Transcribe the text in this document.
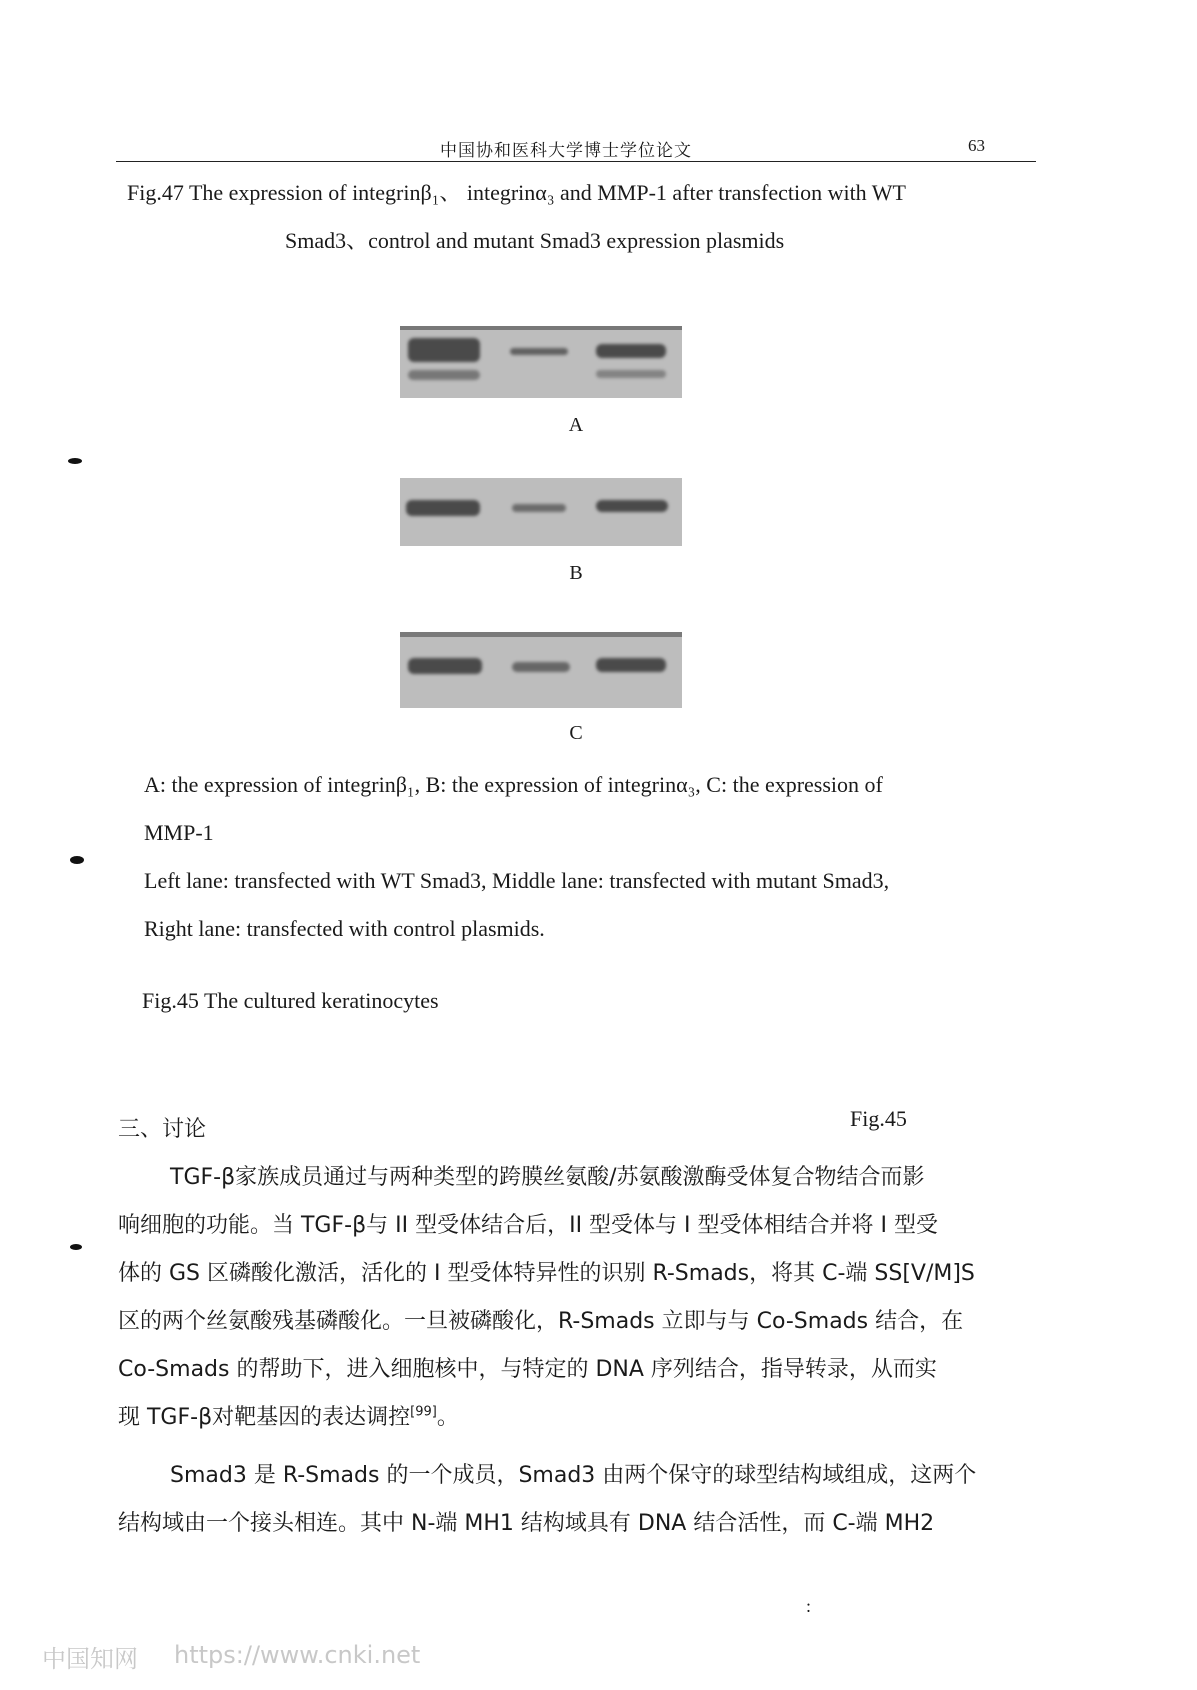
中国协和医科大学博士学位论文	63
Fig.47 The expression of integrinβ₁、 integrinα₃ and MMP-1 after transfection with WT
Smad3、control and mutant Smad3 expression plasmids
A
B
C
A: the expression of integrinβ₁, B: the expression of integrinα₃, C: the expression of
MMP-1
Left lane: transfected with WT Smad3, Middle lane: transfected with mutant Smad3,
Right lane: transfected with control plasmids.
Fig.45 The cultured keratinocytes
三、讨论	Fig.45
TGF-β家族成员通过与两种类型的跨膜丝氨酸/苏氨酸激酶受体复合物结合而影
响细胞的功能。当 TGF-β与 II 型受体结合后，II 型受体与 I 型受体相结合并将 I 型受
体的 GS 区磷酸化激活，活化的 I 型受体特异性的识别 R-Smads，将其 C-端 SS[V/M]S
区的两个丝氨酸残基磷酸化。一旦被磷酸化，R-Smads 立即与与 Co-Smads 结合，在
Co-Smads 的帮助下，进入细胞核中，与特定的 DNA 序列结合，指导转录，从而实
现 TGF-β对靶基因的表达调控[99]。
Smad3 是 R-Smads 的一个成员，Smad3 由两个保守的球型结构域组成，这两个
结构域由一个接头相连。其中 N-端 MH1 结构域具有 DNA 结合活性，而 C-端 MH2
:
中国知网 https://www.cnki.net
